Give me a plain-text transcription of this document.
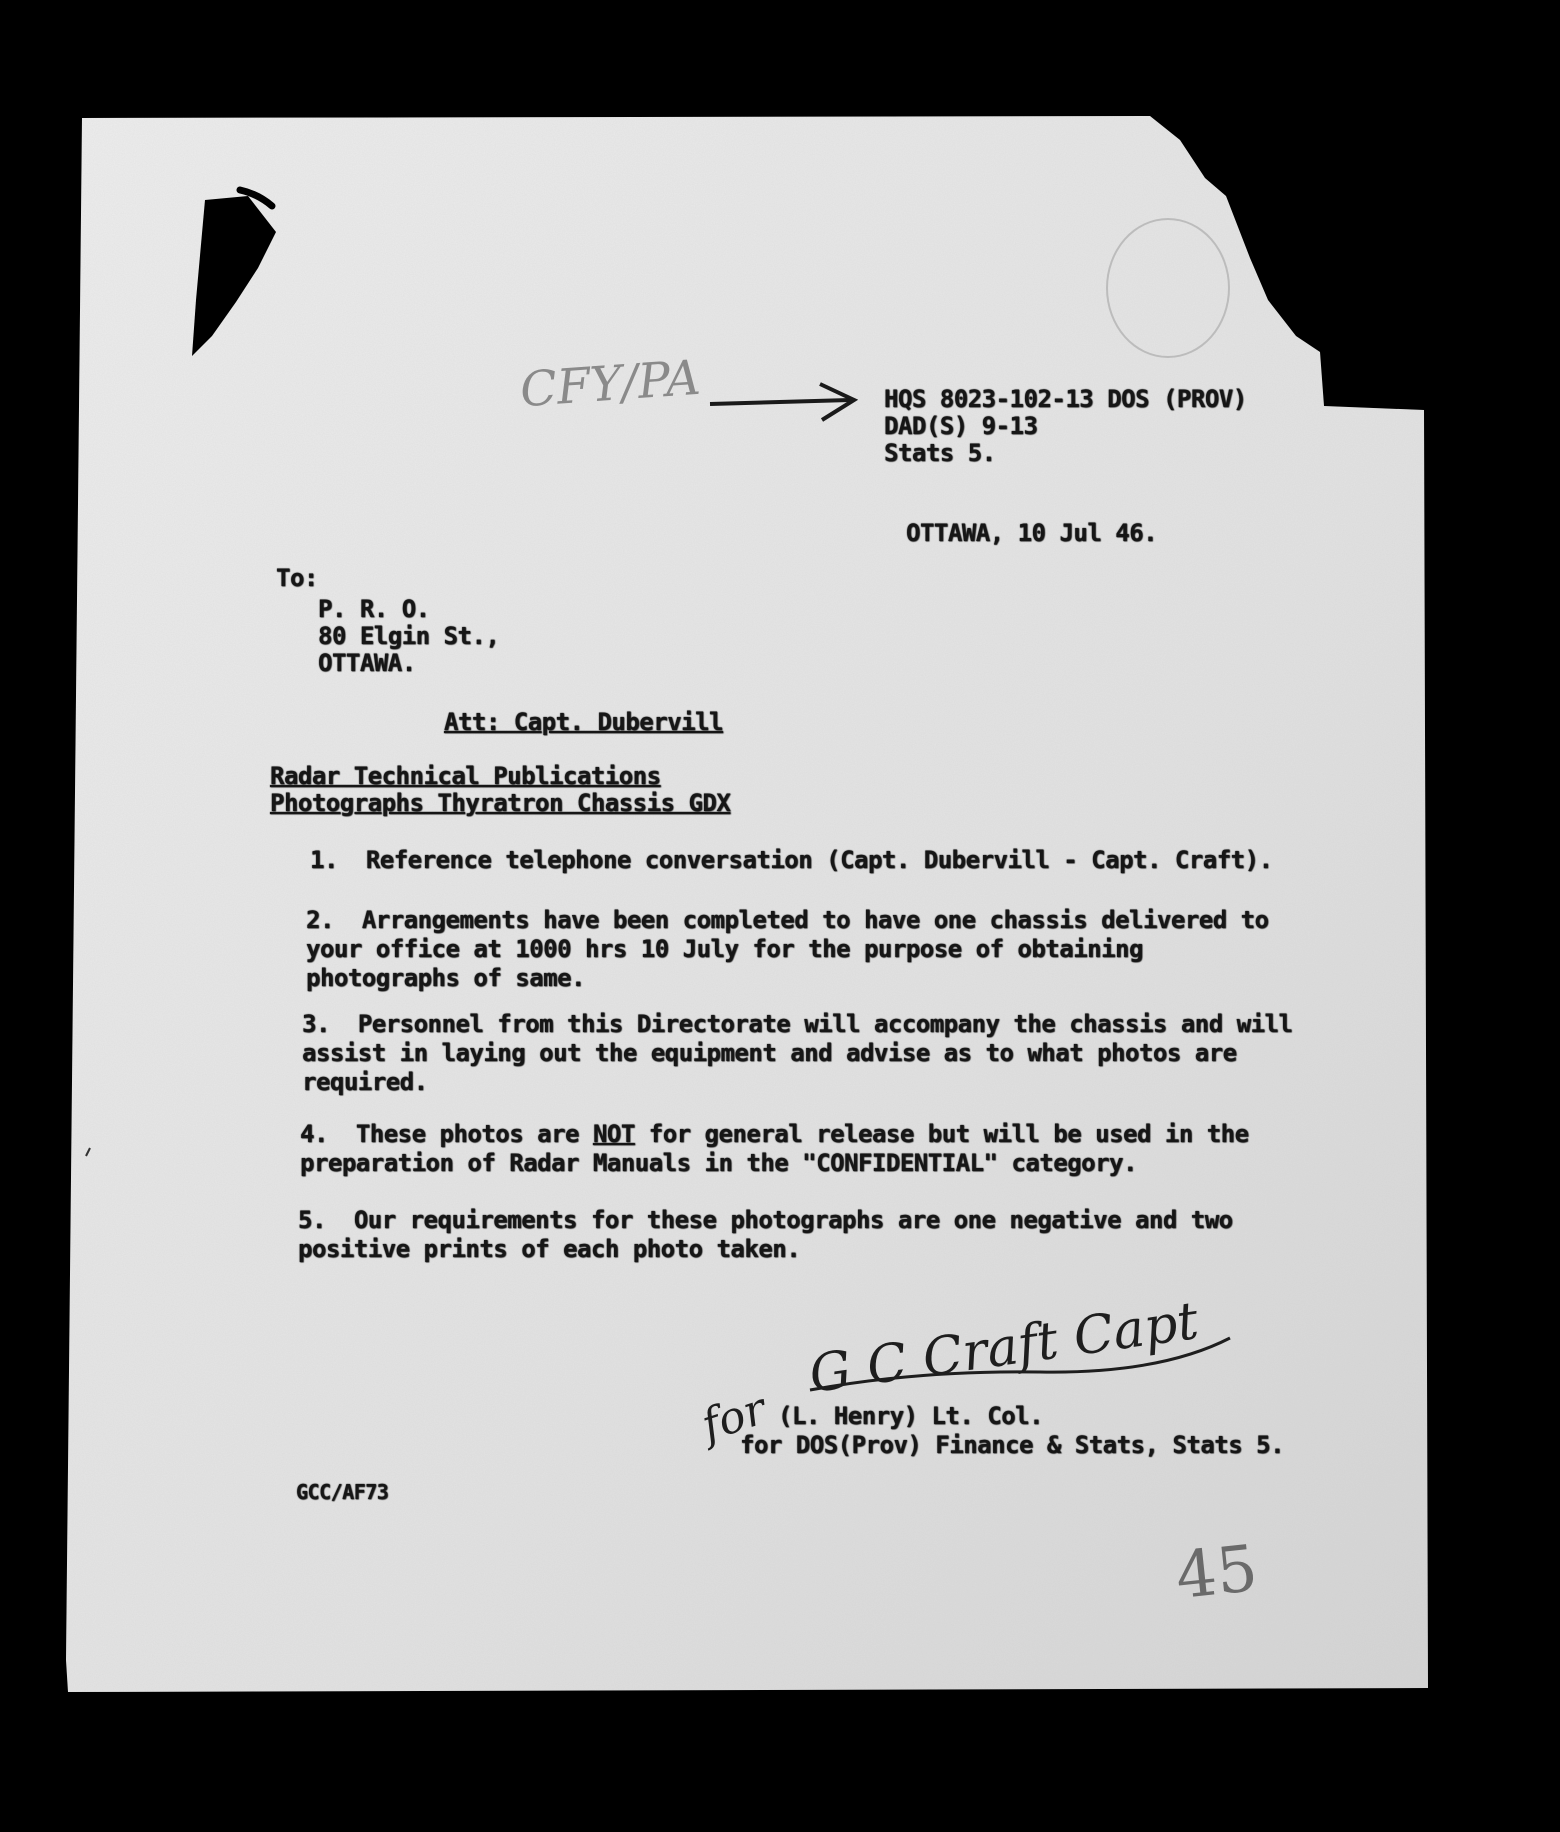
CFY/PA	HQS 8023-102-13 DOS (PROV)
DAD(S) 9-13
Stats 5.
OTTAWA, 10 Jul 46.
To:
P. R. O.
80 Elgin St.,
OTTAWA.
Att: Capt. Dubervill
Radar Technical Publications
Photographs Thyratron Chassis GDX
1. Reference telephone conversation (Capt. Dubervill - Capt. Craft).
2. Arrangements have been completed to have one chassis delivered to your office at 1000 hrs 10 July for the purpose of obtaining photographs of same.
3. Personnel from this Directorate will accompany the chassis and will assist in laying out the equipment and advise as to what photos are required.
4. These photos are NOT for general release but will be used in the preparation of Radar Manuals in the "CONFIDENTIAL" category.
5. Our requirements for these photographs are one negative and two positive prints of each photo taken.
G C Craft Capt
for (L. Henry) Lt. Col.
for DOS(Prov) Finance & Stats, Stats 5.
GCC/AF73
45
